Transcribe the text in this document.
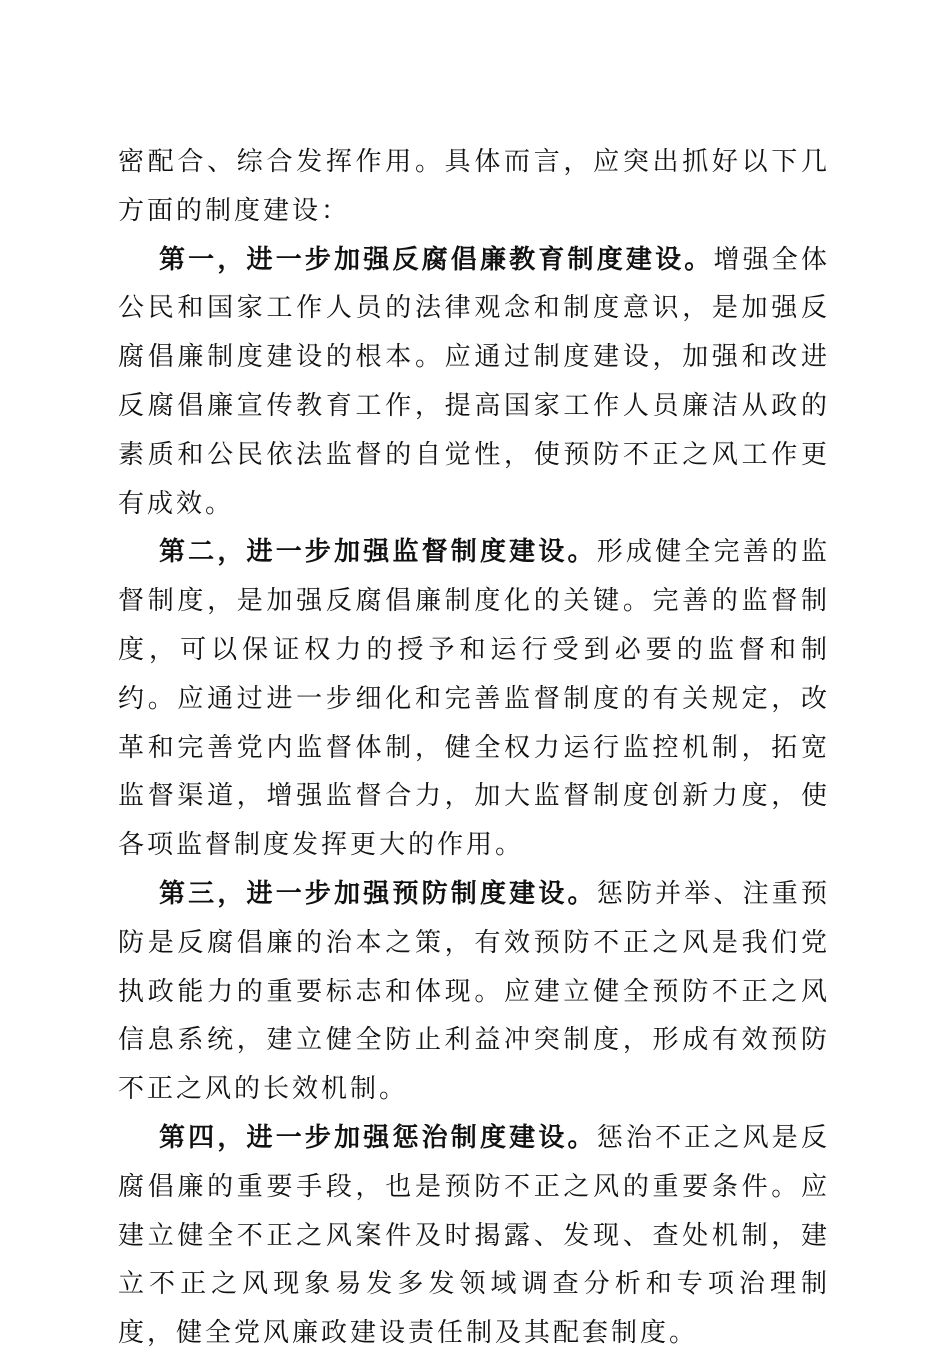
密配合、综合发挥作用。具体而言，应突出抓好以下几方面的制度建设：

第一，进一步加强反腐倡廉教育制度建设。增强全体公民和国家工作人员的法律观念和制度意识，是加强反腐倡廉制度建设的根本。应通过制度建设，加强和改进反腐倡廉宣传教育工作，提高国家工作人员廉洁从政的素质和公民依法监督的自觉性，使预防不正之风工作更有成效。

第二，进一步加强监督制度建设。形成健全完善的监督制度，是加强反腐倡廉制度化的关键。完善的监督制度，可以保证权力的授予和运行受到必要的监督和制约。应通过进一步细化和完善监督制度的有关规定，改革和完善党内监督体制，健全权力运行监控机制，拓宽监督渠道，增强监督合力，加大监督制度创新力度，使各项监督制度发挥更大的作用。

第三，进一步加强预防制度建设。惩防并举、注重预防是反腐倡廉的治本之策，有效预防不正之风是我们党执政能力的重要标志和体现。应建立健全预防不正之风信息系统，建立健全防止利益冲突制度，形成有效预防不正之风的长效机制。

第四，进一步加强惩治制度建设。惩治不正之风是反腐倡廉的重要手段，也是预防不正之风的重要条件。应建立健全不正之风案件及时揭露、发现、查处机制，建立不正之风现象易发多发领域调查分析和专项治理制度，健全党风廉政建设责任制及其配套制度。
